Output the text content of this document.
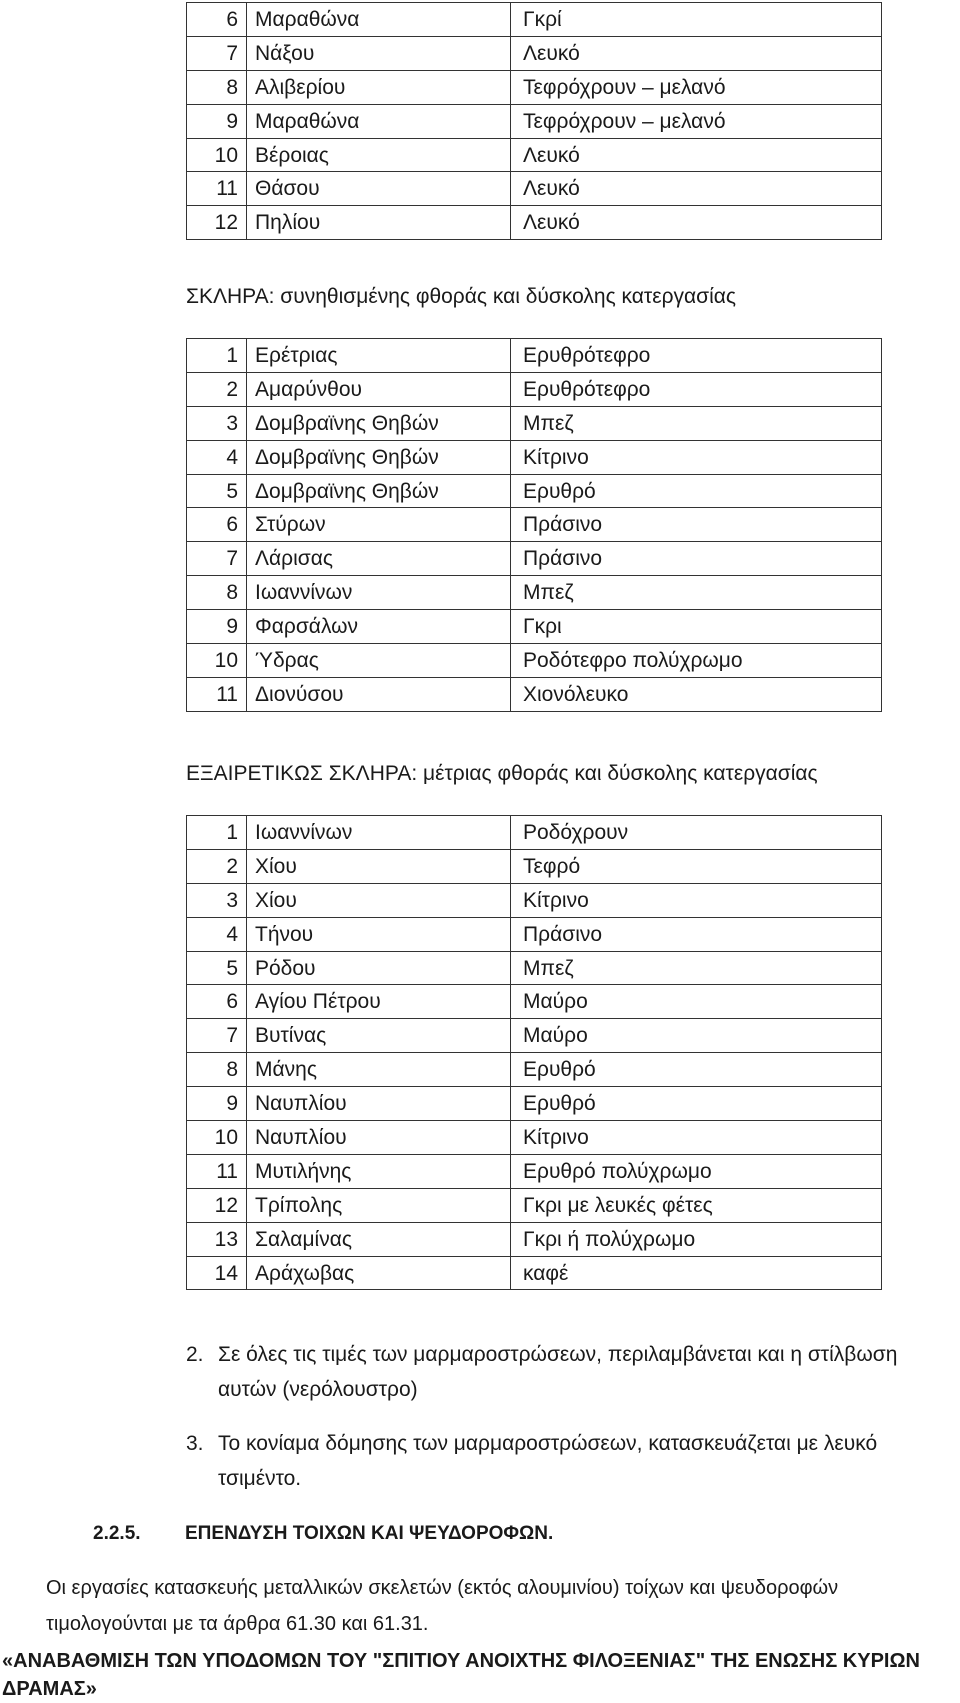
6	Μαραθώνα	Γκρί
7	Νάξου	Λευκό
8	Αλιβερίου	Τεφρόχρουν – μελανό
9	Μαραθώνα	Τεφρόχρουν – μελανό
10	Βέροιας	Λευκό
11	Θάσου	Λευκό
12	Πηλίου	Λευκό
ΣΚΛΗΡΑ: συνηθισμένης φθοράς και δύσκολης κατεργασίας
1	Ερέτριας	Ερυθρότεφρο
2	Αμαρύνθου	Ερυθρότεφρο
3	Δομβραϊνης Θηβών	Μπεζ
4	Δομβραϊνης Θηβών	Κίτρινο
5	Δομβραϊνης Θηβών	Ερυθρό
6	Στύρων	Πράσινο
7	Λάρισας	Πράσινο
8	Ιωαννίνων	Μπεζ
9	Φαρσάλων	Γκρι
10	Ύδρας	Ροδότεφρο πολύχρωμο
11	Διονύσου	Χιονόλευκο
ΕΞΑΙΡΕΤΙΚΩΣ ΣΚΛΗΡΑ: μέτριας φθοράς και δύσκολης κατεργασίας
1	Ιωαννίνων	Ροδόχρουν
2	Χίου	Τεφρό
3	Χίου	Κίτρινο
4	Τήνου	Πράσινο
5	Ρόδου	Μπεζ
6	Αγίου Πέτρου	Μαύρο
7	Βυτίνας	Μαύρο
8	Μάνης	Ερυθρό
9	Ναυπλίου	Ερυθρό
10	Ναυπλίου	Κίτρινο
11	Μυτιλήνης	Ερυθρό πολύχρωμο
12	Τρίπολης	Γκρι με λευκές φέτες
13	Σαλαμίνας	Γκρι ή πολύχρωμο
14	Αράχωβας	καφέ
2. Σε όλες τις τιμές των μαρμαροστρώσεων, περιλαμβάνεται και η στίλβωση αυτών (νερόλουστρο)
3. Το κονίαμα δόμησης των μαρμαροστρώσεων, κατασκευάζεται με λευκό τσιμέντο.
2.2.5. ΕΠΕΝΔΥΣΗ ΤΟΙΧΩΝ ΚΑΙ ΨΕΥΔΟΡΟΦΩΝ.
Οι εργασίες κατασκευής μεταλλικών σκελετών (εκτός αλουμινίου) τοίχων και ψευδοροφών τιμολογούνται με τα άρθρα 61.30 και 61.31.
«ΑΝΑΒΑΘΜΙΣΗ ΤΩΝ ΥΠΟΔΟΜΩΝ ΤΟΥ "ΣΠΙΤΙΟΥ ΑΝΟΙΧΤΗΣ ΦΙΛΟΞΕΝΙΑΣ" ΤΗΣ ΕΝΩΣΗΣ ΚΥΡΙΩΝ ΔΡΑΜΑΣ»
